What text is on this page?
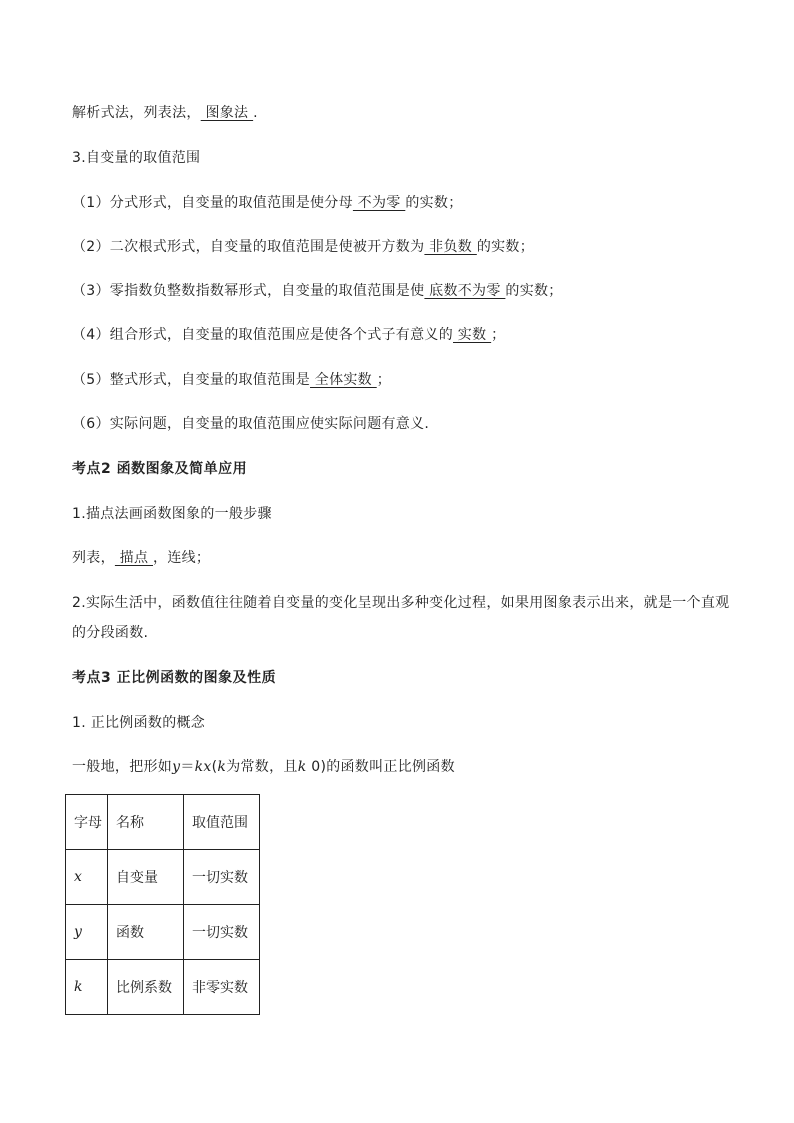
解析式法，列表法， 图象法 .
3.自变量的取值范围
（1）分式形式，自变量的取值范围是使分母 不为零 的实数；
（2）二次根式形式，自变量的取值范围是使被开方数为 非负数 的实数；
（3）零指数负整数指数幂形式，自变量的取值范围是使 底数不为零 的实数；
（4）组合形式，自变量的取值范围应是使各个式子有意义的 实数 ；
（5）整式形式，自变量的取值范围是 全体实数 ；
（6）实际问题，自变量的取值范围应使实际问题有意义.
考点2 函数图象及简单应用
1.描点法画函数图象的一般步骤
列表， 描点 ，连线；
2.实际生活中，函数值往往随着自变量的变化呈现出多种变化过程，如果用图象表示出来，就是一个直观的分段函数.
考点3 正比例函数的图象及性质
1. 正比例函数的概念
一般地，把形如y＝kx(k为常数，且k 0)的函数叫正比例函数
字母	名称	取值范围
x	自变量	一切实数
y	函数	一切实数
k	比例系数	非零实数
